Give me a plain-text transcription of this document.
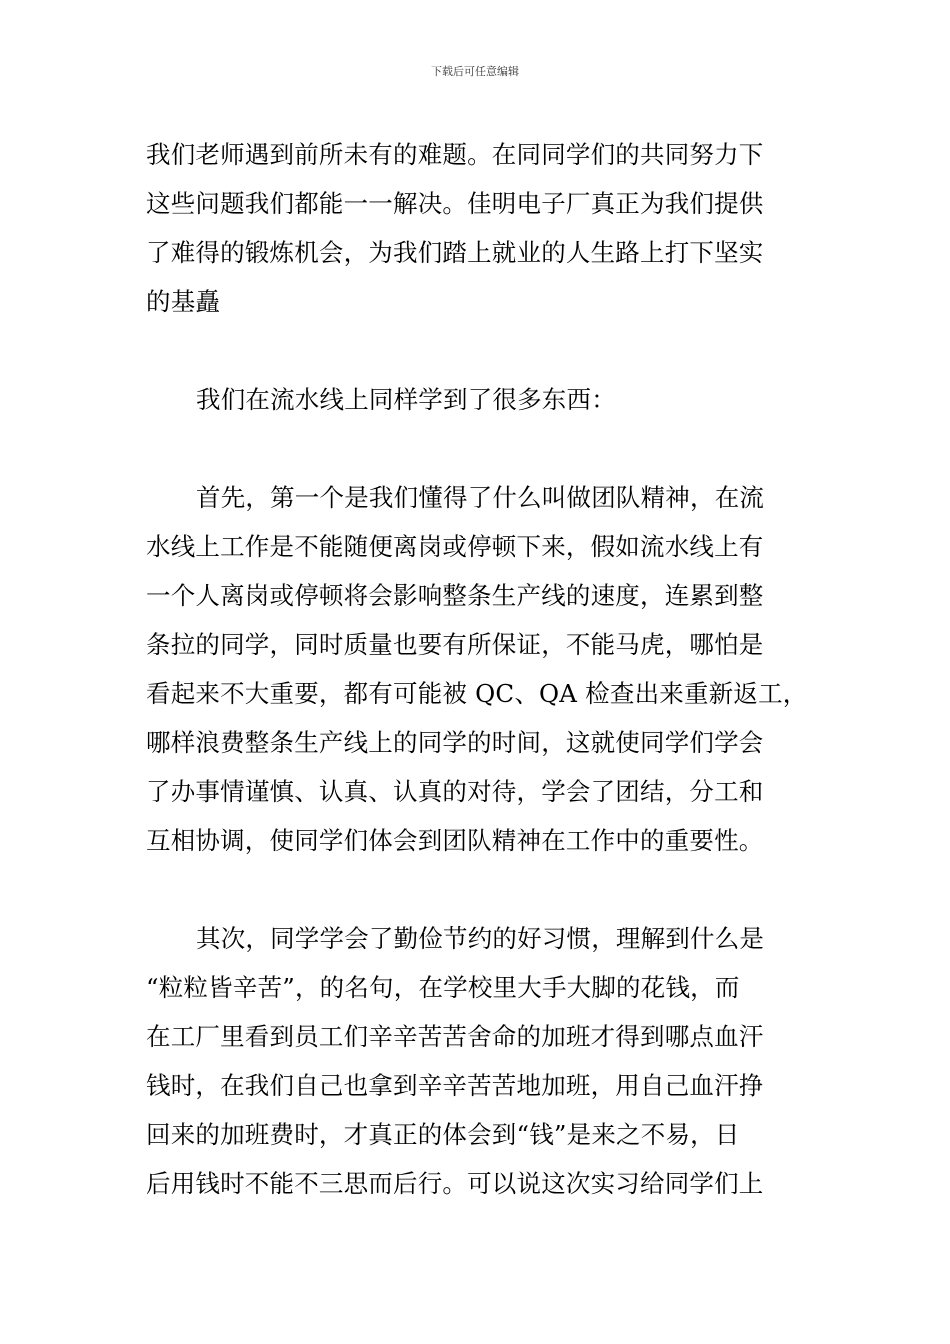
下载后可任意编辑
我们老师遇到前所未有的难题。在同同学们的共同努力下
这些问题我们都能一一解决。佳明电子厂真正为我们提供
了难得的锻炼机会，为我们踏上就业的人生路上打下坚实
的基矗
我们在流水线上同样学到了很多东西：
首先，第一个是我们懂得了什么叫做团队精神，在流
水线上工作是不能随便离岗或停顿下来，假如流水线上有
一个人离岗或停顿将会影响整条生产线的速度，连累到整
条拉的同学，同时质量也要有所保证，不能马虎，哪怕是
看起来不大重要，都有可能被 QC、QA 检查出来重新返工，
哪样浪费整条生产线上的同学的时间，这就使同学们学会
了办事情谨慎、认真、认真的对待，学会了团结，分工和
互相协调，使同学们体会到团队精神在工作中的重要性。
其次，同学学会了勤俭节约的好习惯，理解到什么是
“粒粒皆辛苦”，的名句，在学校里大手大脚的花钱，而
在工厂里看到员工们辛辛苦苦舍命的加班才得到哪点血汗
钱时，在我们自己也拿到辛辛苦苦地加班，用自己血汗挣
回来的加班费时，才真正的体会到“钱”是来之不易，日
后用钱时不能不三思而后行。可以说这次实习给同学们上
